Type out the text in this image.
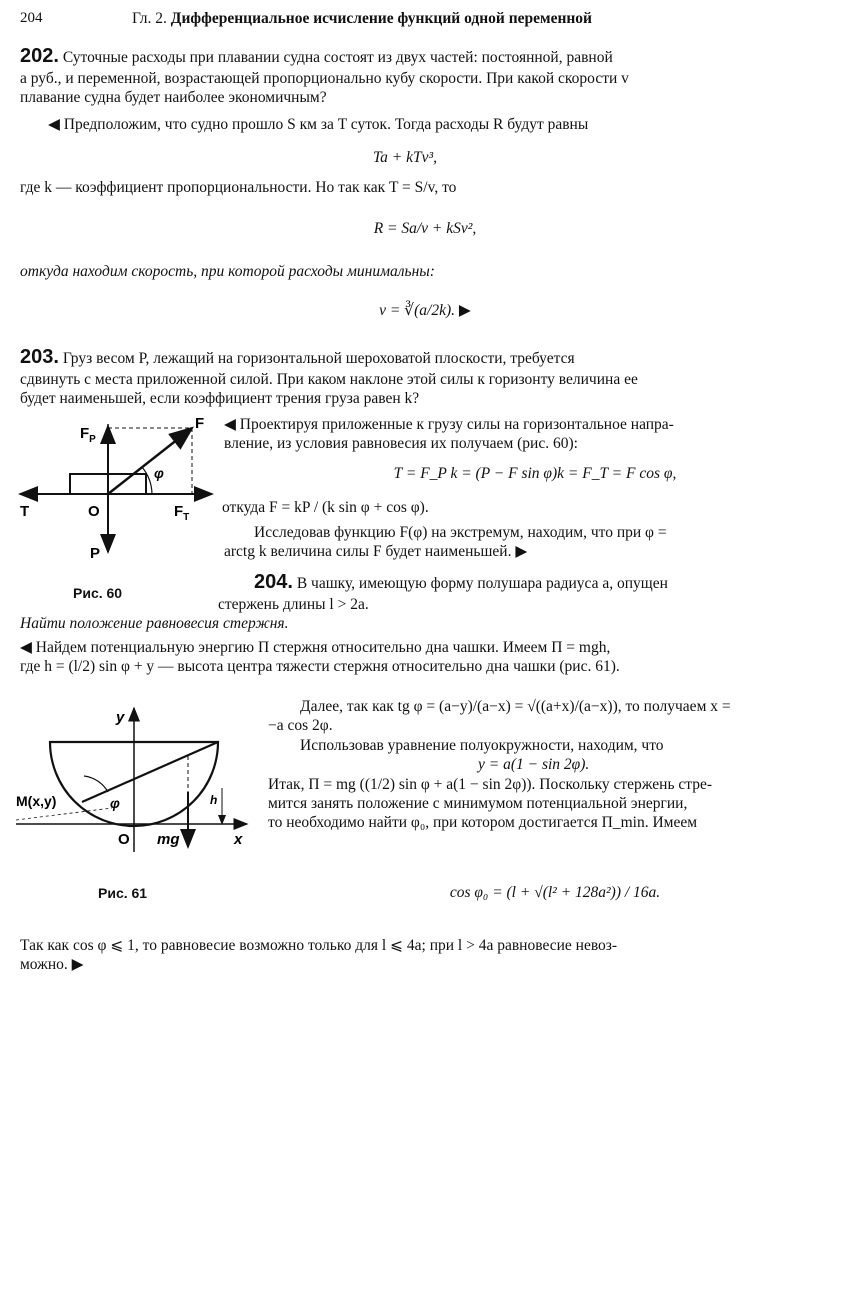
204	Гл. 2. Дифференциальное исчисление функций одной переменной
202. Суточные расходы при плавании судна состоят из двух частей: постоянной, равной
a руб., и переменной, возрастающей пропорционально кубу скорости. При какой скорости v
плавание судна будет наиболее экономичным?
◀ Предположим, что судно прошло S км за T суток. Тогда расходы R будут равны
Ta + kTv³,
где k — коэффициент пропорциональности. Но так как T = S/v, то
R = Sa/v + kSv²,
откуда находим скорость, при которой расходы минимальны:
v = ∛(a/2k). ▶
203. Груз весом P, лежащий на горизонтальной шероховатой плоскости, требуется
сдвинуть с места приложенной силой. При каком наклоне этой силы к горизонту величина ее
будет наименьшей, если коэффициент трения груза равен k?
F
$F_P$
φ
T	O	$F_T$
P
◀ Проектируя приложенные к грузу силы на горизонтальное напра-
вление, из условия равновесия их получаем (рис. 60):
T = F_P k = (P − F sin φ)k = F_T = F cos φ,
откуда F = kP / (k sin φ + cos φ).
Исследовав функцию F(φ) на экстремум, находим, что при φ =
arctg k величина силы F будет наименьшей. ▶
Рис. 60	204. В чашку, имеющую форму полушара радиуса a, опущен
стержень длины l > 2a.
Найти положение равновесия стержня.
◀ Найдем потенциальную энергию Π стержня относительно дна чашки. Имеем Π = mgh,
где h = (l/2) sin φ + y — высота центра тяжести стержня относительно дна чашки (рис. 61).
y
M(x,y)	φ	h
O mg	x
Рис. 61
Далее, так как tg φ = (a−y)/(a−x) = √((a+x)/(a−x)), то получаем x =
−a cos 2φ.
Использовав уравнение полуокружности, находим, что
y = a(1 − sin 2φ).
Итак, Π = mg ((1/2) sin φ + a(1 − sin 2φ)). Поскольку стержень стре-
мится занять положение с минимумом потенциальной энергии,
то необходимо найти φ₀, при котором достигается Π_min. Имеем
cos φ₀ = (l + √(l² + 128a²)) / 16a.
Так как cos φ ⩽ 1, то равновесие возможно только для l ⩽ 4a; при l > 4a равновесие невоз-
можно. ▶
